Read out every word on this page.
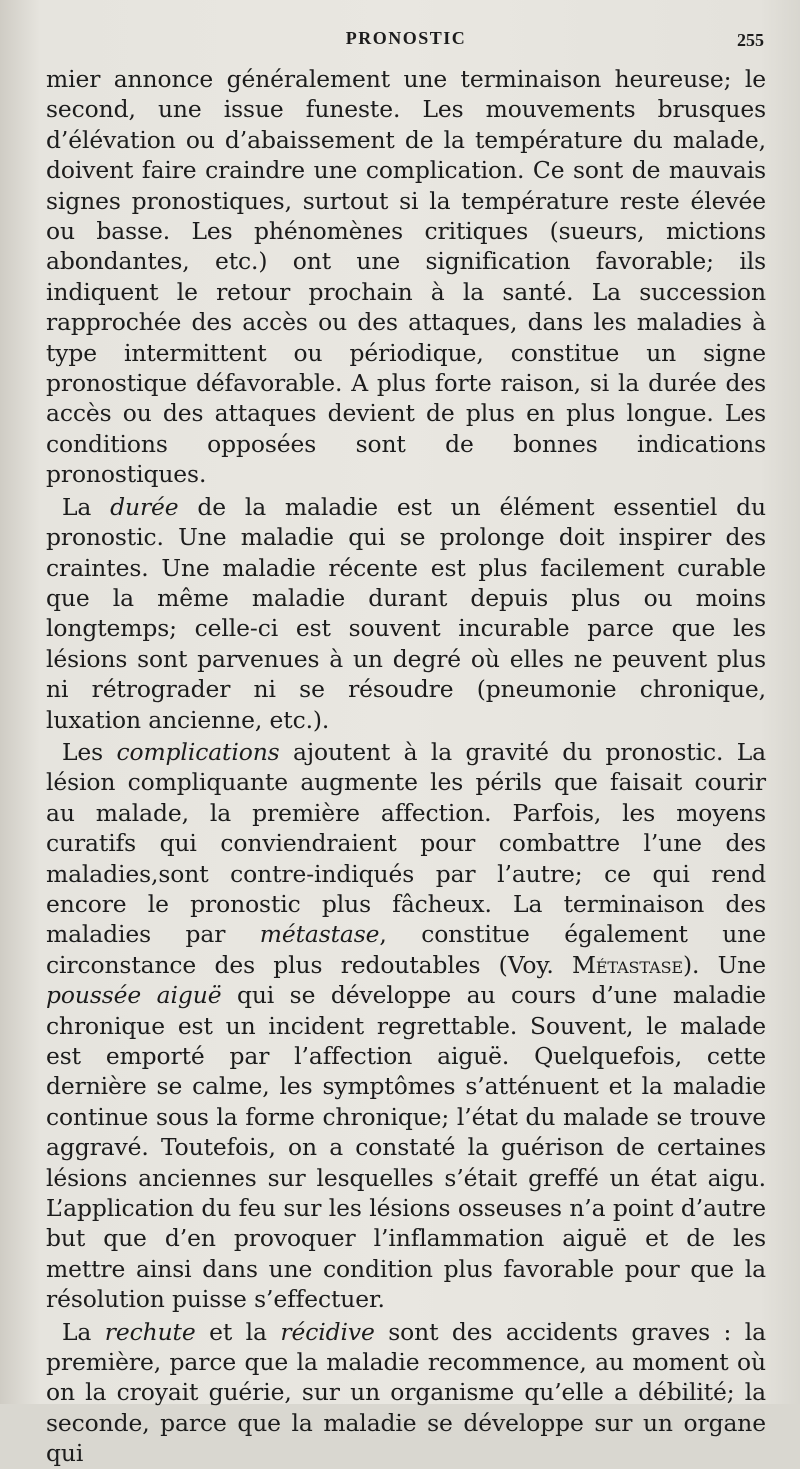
PRONOSTIC	255

mier annonce généralement une terminaison heureuse; le second, une issue funeste. Les mouvements brusques d’élévation ou d’abaissement de la température du malade, doivent faire craindre une complication. Ce sont de mauvais signes pronostiques, surtout si la température reste élevée ou basse. Les phénomènes critiques (sueurs, mictions abondantes, etc.) ont une signification favorable; ils indiquent le retour prochain à la santé. La succession rapprochée des accès ou des attaques, dans les maladies à type intermittent ou périodique, constitue un signe pronostique défavorable. A plus forte raison, si la durée des accès ou des attaques devient de plus en plus longue. Les conditions opposées sont de bonnes indications pronostiques.

La durée de la maladie est un élément essentiel du pronostic. Une maladie qui se prolonge doit inspirer des craintes. Une maladie récente est plus facilement curable que la même maladie durant depuis plus ou moins longtemps; celle-ci est souvent incurable parce que les lésions sont parvenues à un degré où elles ne peuvent plus ni rétrograder ni se résoudre (pneumonie chronique, luxation ancienne, etc.).

Les complications ajoutent à la gravité du pronostic. La lésion compliquante augmente les périls que faisait courir au malade, la première affection. Parfois, les moyens curatifs qui conviendraient pour combattre l’une des maladies,sont contre-indiqués par l’autre; ce qui rend encore le pronostic plus fâcheux. La terminaison des maladies par métastase, constitue également une circonstance des plus redoutables (Voy. Métastase). Une poussée aiguë qui se développe au cours d’une maladie chronique est un incident regrettable. Souvent, le malade est emporté par l’affection aiguë. Quelquefois, cette dernière se calme, les symptômes s’atténuent et la maladie continue sous la forme chronique; l’état du malade se trouve aggravé. Toutefois, on a constaté la guérison de certaines lésions anciennes sur lesquelles s’était greffé un état aigu. L’application du feu sur les lésions osseuses n’a point d’autre but que d’en provoquer l’inflammation aiguë et de les mettre ainsi dans une condition plus favorable pour que la résolution puisse s’effectuer.

La rechute et la récidive sont des accidents graves : la première, parce que la maladie recommence, au moment où on la croyait guérie, sur un organisme qu’elle a débilité; la seconde, parce que la maladie se développe sur un organe qui
